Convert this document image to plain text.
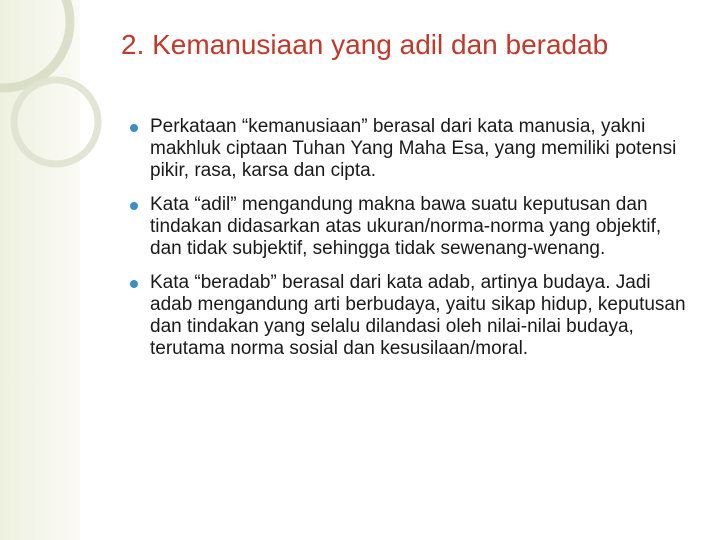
2. Kemanusiaan yang adil dan beradab
Perkataan “kemanusiaan” berasal dari kata manusia, yakni makhluk ciptaan Tuhan Yang Maha Esa, yang memiliki potensi pikir, rasa, karsa dan cipta.
Kata “adil” mengandung makna bawa suatu keputusan dan tindakan didasarkan atas ukuran/norma-norma yang objektif, dan tidak subjektif, sehingga tidak sewenang-wenang.
Kata “beradab” berasal dari kata adab, artinya budaya. Jadi adab mengandung arti berbudaya, yaitu sikap hidup, keputusan dan tindakan yang selalu dilandasi oleh nilai-nilai budaya, terutama norma sosial dan kesusilaan/moral.
